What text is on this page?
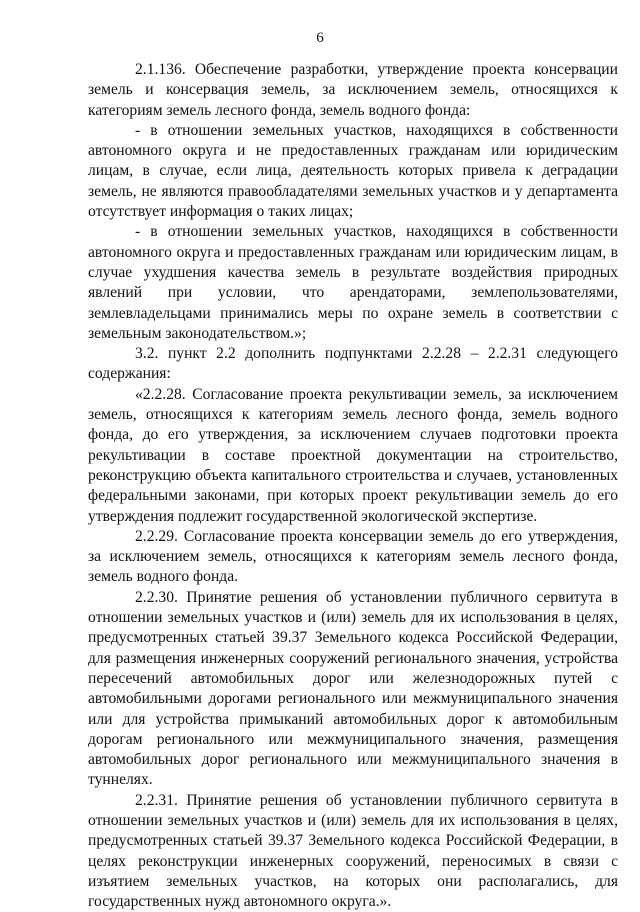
6

2.1.136. Обеспечение разработки, утверждение проекта консервации земель и консервация земель, за исключением земель, относящихся к категориям земель лесного фонда, земель водного фонда:

- в отношении земельных участков, находящихся в собственности автономного округа и не предоставленных гражданам или юридическим лицам, в случае, если лица, деятельность которых привела к деградации земель, не являются правообладателями земельных участков и у департамента отсутствует информация о таких лицах;

- в отношении земельных участков, находящихся в собственности автономного округа и предоставленных гражданам или юридическим лицам, в случае ухудшения качества земель в результате воздействия природных явлений при условии, что арендаторами, землепользователями, землевладельцами принимались меры по охране земель в соответствии с земельным законодательством.»;

3.2. пункт 2.2 дополнить подпунктами 2.2.28 – 2.2.31 следующего содержания:

«2.2.28. Согласование проекта рекультивации земель, за исключением земель, относящихся к категориям земель лесного фонда, земель водного фонда, до его утверждения, за исключением случаев подготовки проекта рекультивации в составе проектной документации на строительство, реконструкцию объекта капитального строительства и случаев, установленных федеральными законами, при которых проект рекультивации земель до его утверждения подлежит государственной экологической экспертизе.

2.2.29. Согласование проекта консервации земель до его утверждения, за исключением земель, относящихся к категориям земель лесного фонда, земель водного фонда.

2.2.30. Принятие решения об установлении публичного сервитута в отношении земельных участков и (или) земель для их использования в целях, предусмотренных статьей 39.37 Земельного кодекса Российской Федерации, для размещения инженерных сооружений регионального значения, устройства пересечений автомобильных дорог или железнодорожных путей с автомобильными дорогами регионального или межмуниципального значения или для устройства примыканий автомобильных дорог к автомобильным дорогам регионального или межмуниципального значения, размещения автомобильных дорог регионального или межмуниципального значения в туннелях.

2.2.31. Принятие решения об установлении публичного сервитута в отношении земельных участков и (или) земель для их использования в целях, предусмотренных статьей 39.37 Земельного кодекса Российской Федерации, в целях реконструкции инженерных сооружений, переносимых в связи с изъятием земельных участков, на которых они располагались, для государственных нужд автономного округа.».
